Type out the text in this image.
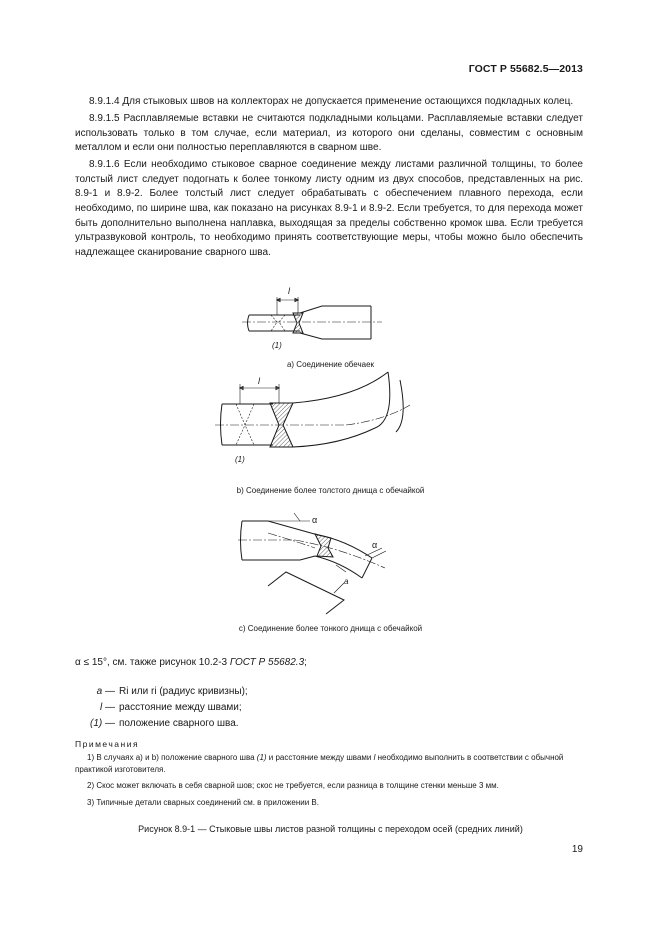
ГОСТ Р 55682.5—2013

8.9.1.4 Для стыковых швов на коллекторах не допускается применение остающихся подкладных колец.

8.9.1.5 Расплавляемые вставки не считаются подкладными кольцами. Расплавляемые вставки следует использовать только в том случае, если материал, из которого они сделаны, совместим с основным металлом и если они полностью переплавляются в сварном шве.

8.9.1.6 Если необходимо стыковое сварное соединение между листами различной толщины, то более толстый лист следует подогнать к более тонкому листу одним из двух способов, представленных на рис. 8.9-1 и 8.9-2. Более толстый лист следует обрабатывать с обеспечением плавного перехода, если необходимо, по ширине шва, как показано на рисунках 8.9-1 и 8.9-2. Если требуется, то для перехода может быть дополнительно выполнена наплавка, выходящая за пределы собственно кромок шва. Если требуется ультразвуковой контроль, то необходимо принять соответствующие меры, чтобы можно было обеспечить надлежащее сканирование сварного шва.

l
(1)
l
(1)
α
α
a
а) Соединение обечаек
b) Соединение более толстого днища с обечайкой
c) Соединение более тонкого днища с обечайкой
α ≤ 15°, см. также рисунок 10.2-3 ГОСТ Р 55682.3;
a — Ri или ri (радиус кривизны);
l — расстояние между швами;
(1) — положение сварного шва.
Примечания

1) В случаях а) и b) положение сварного шва (1) и расстояние между швами l необходимо выполнить в соответствии с обычной практикой изготовителя.

2) Скос может включать в себя сварной шов; скос не требуется, если разница в толщине стенки меньше 3 мм.

3) Типичные детали сварных соединений см. в приложении В.

Рисунок 8.9-1 — Стыковые швы листов разной толщины с переходом осей (средних линий)
19
